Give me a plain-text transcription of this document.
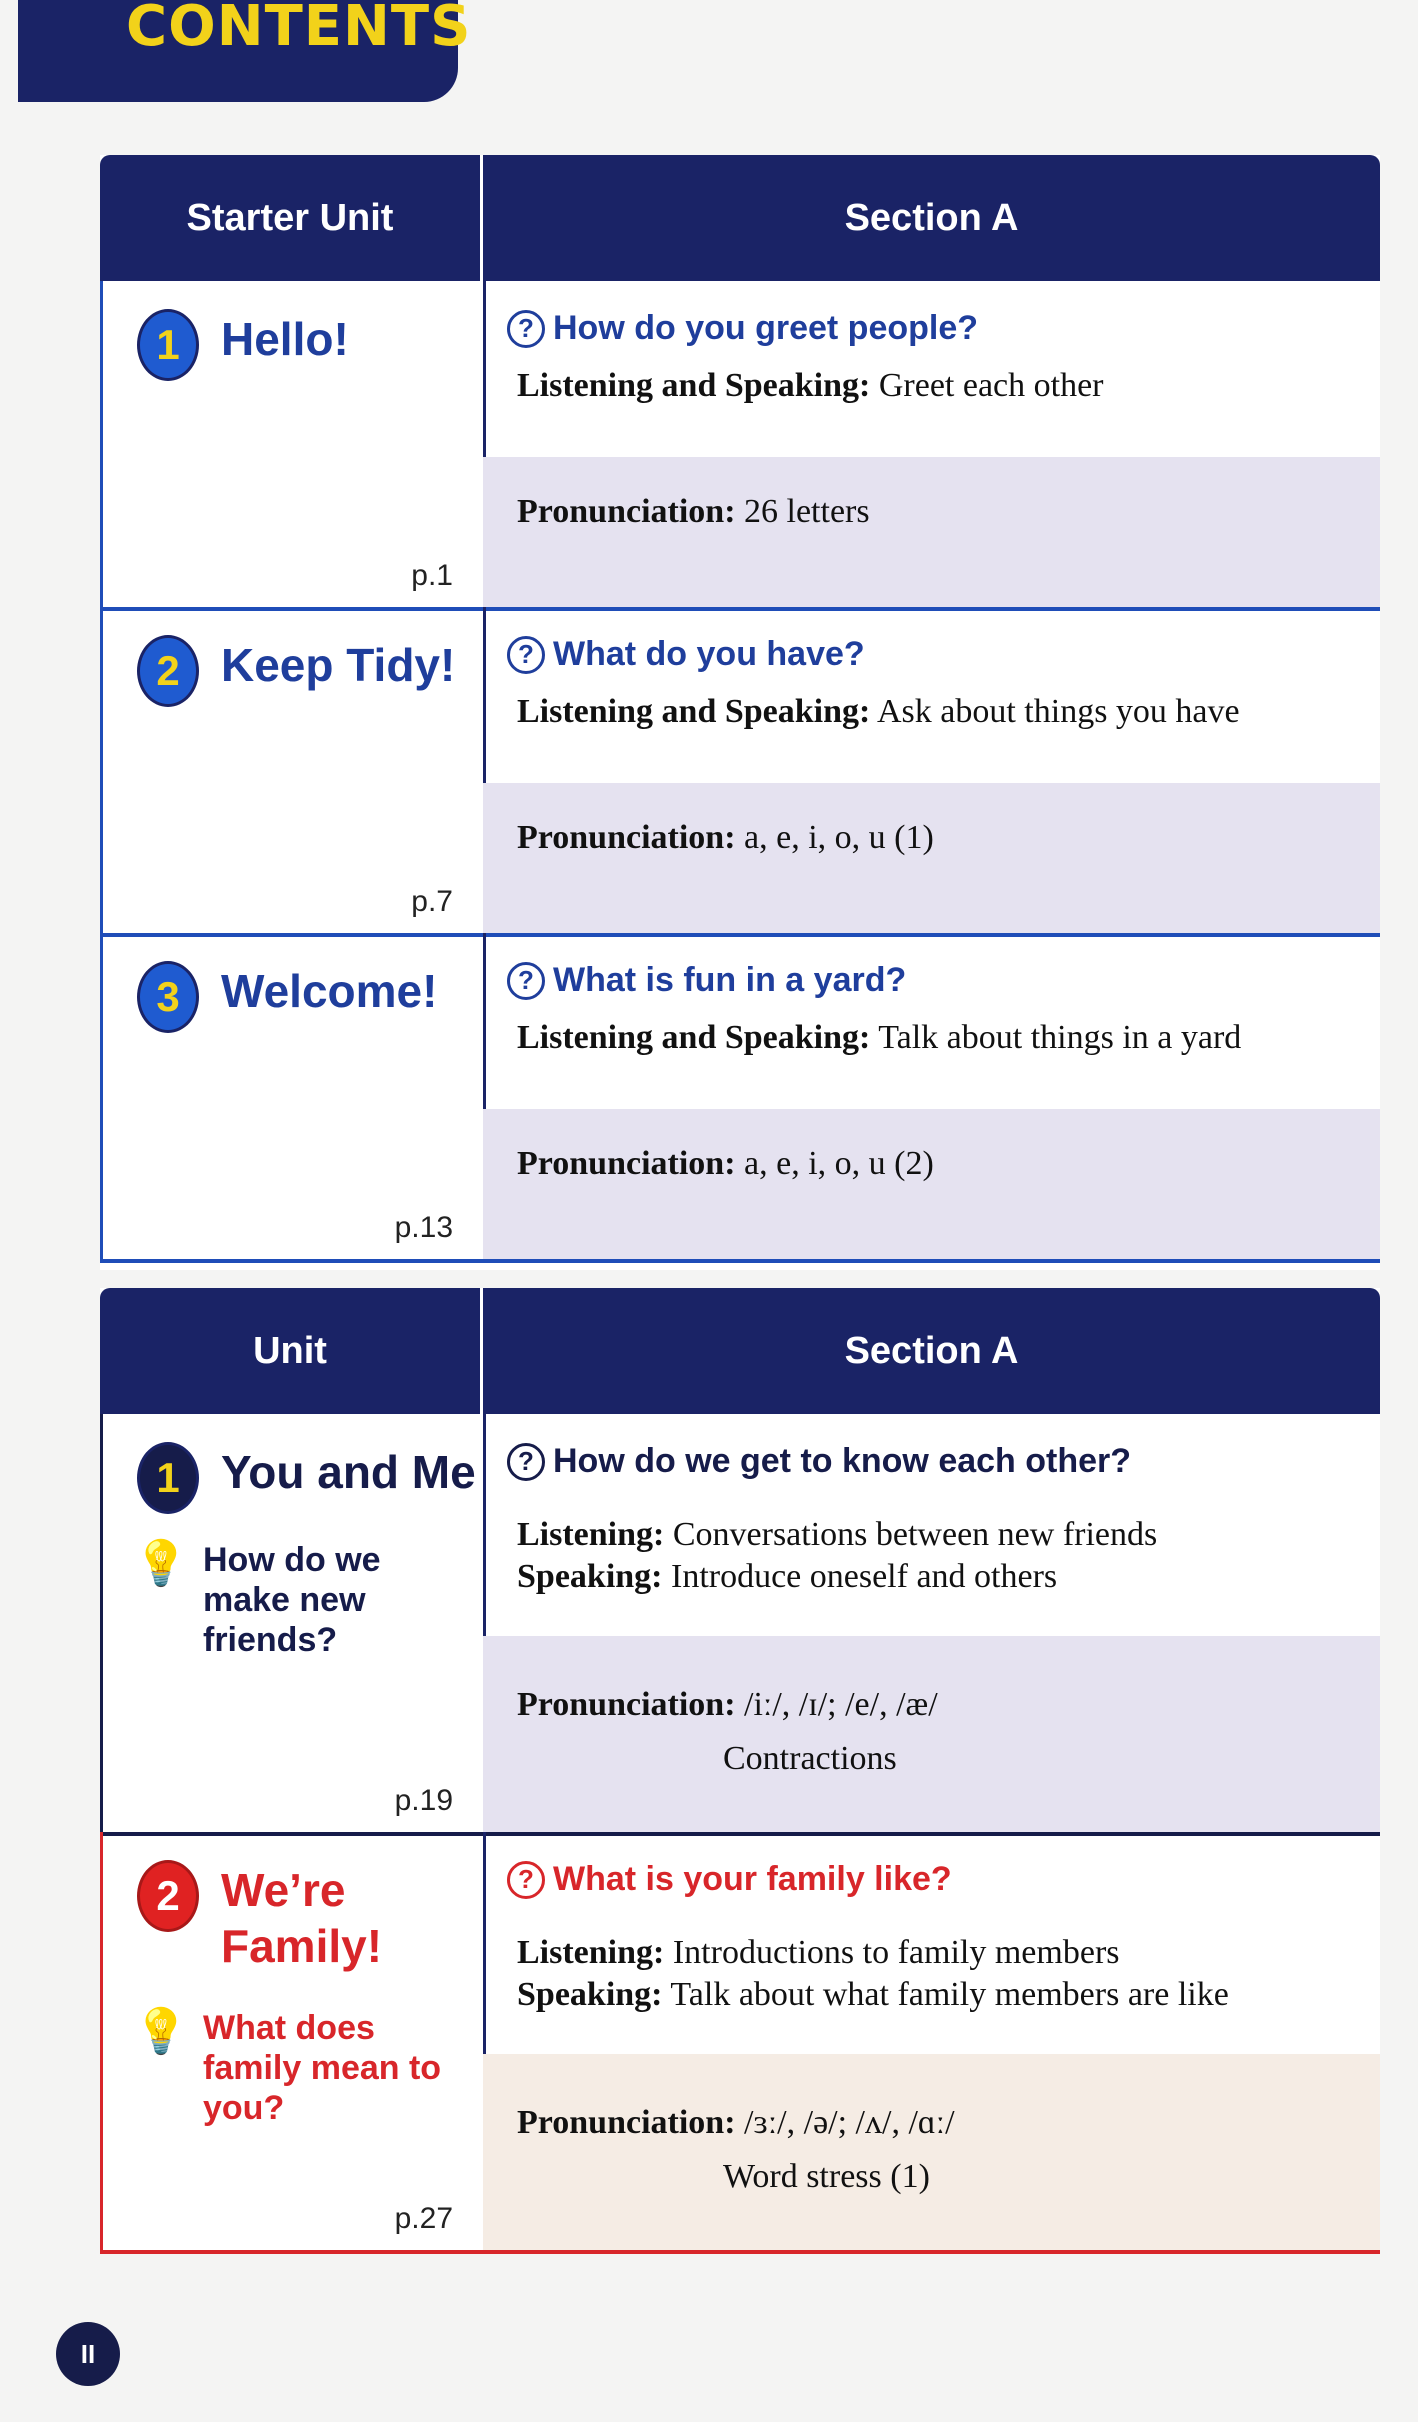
CONTENTS
Starter Unit	Section A
1 Hello!
p.1
? How do you greet people?
Listening and Speaking: Greet each other
Pronunciation: 26 letters
2 Keep Tidy!
p.7
? What do you have?
Listening and Speaking: Ask about things you have
Pronunciation: a, e, i, o, u (1)
3 Welcome!
p.13
? What is fun in a yard?
Listening and Speaking: Talk about things in a yard
Pronunciation: a, e, i, o, u (2)
Unit	Section A
1 You and Me
💡 How do we make new friends?
p.19
? How do we get to know each other?
Listening: Conversations between new friends
Speaking: Introduce oneself and others
Pronunciation: /iː/, /ɪ/; /e/, /æ/
Contractions
2 We’re Family!
💡 What does family mean to you?
p.27
? What is your family like?
Listening: Introductions to family members
Speaking: Talk about what family members are like
Pronunciation: /ɜː/, /ə/; /ʌ/, /ɑː/
Word stress (1)
II
